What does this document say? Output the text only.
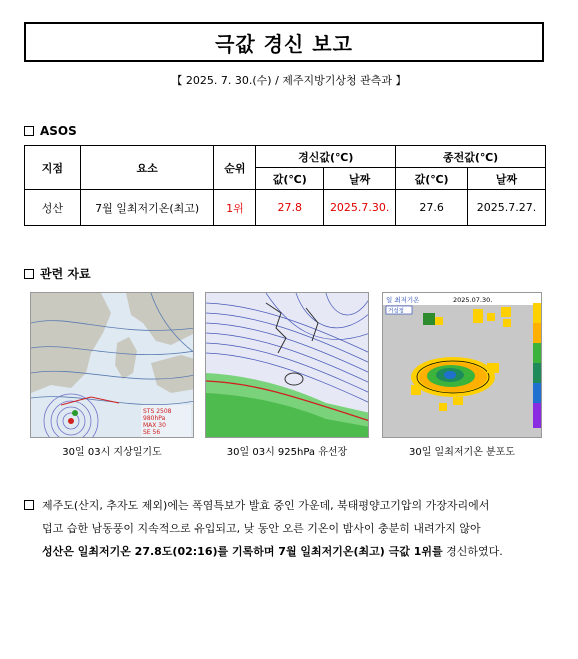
극값 경신 보고
【 2025. 7. 30.(수) / 제주지방기상청 관측과 】
ASOS
지점	요소	순위	경신값(℃)		종전값(℃)	
			값(℃)	날짜	값(℃)	날짜
성산	7월 일최저기온(최고)	1위	27.8	2025.7.30.	27.6	2025.7.27.
관련 자료
STS 2508
980hPa
MAX 30
SE 56
30일 03시 지상일기도	30일 03시 925hPa 유선장
일 최저기온	2025.07.30.
거성정
30일 일최저기온 분포도
제주도(산지, 추자도 제외)에는 폭염특보가 발효 중인 가운데, 북태평양고기압의 가장자리에서
덥고 습한 남동풍이 지속적으로 유입되고, 낮 동안 오른 기온이 밤사이 충분히 내려가지 않아
성산은 일최저기온 27.8도(02:16)를 기록하며 7월 일최저기온(최고) 극값 1위를 경신하였다.
